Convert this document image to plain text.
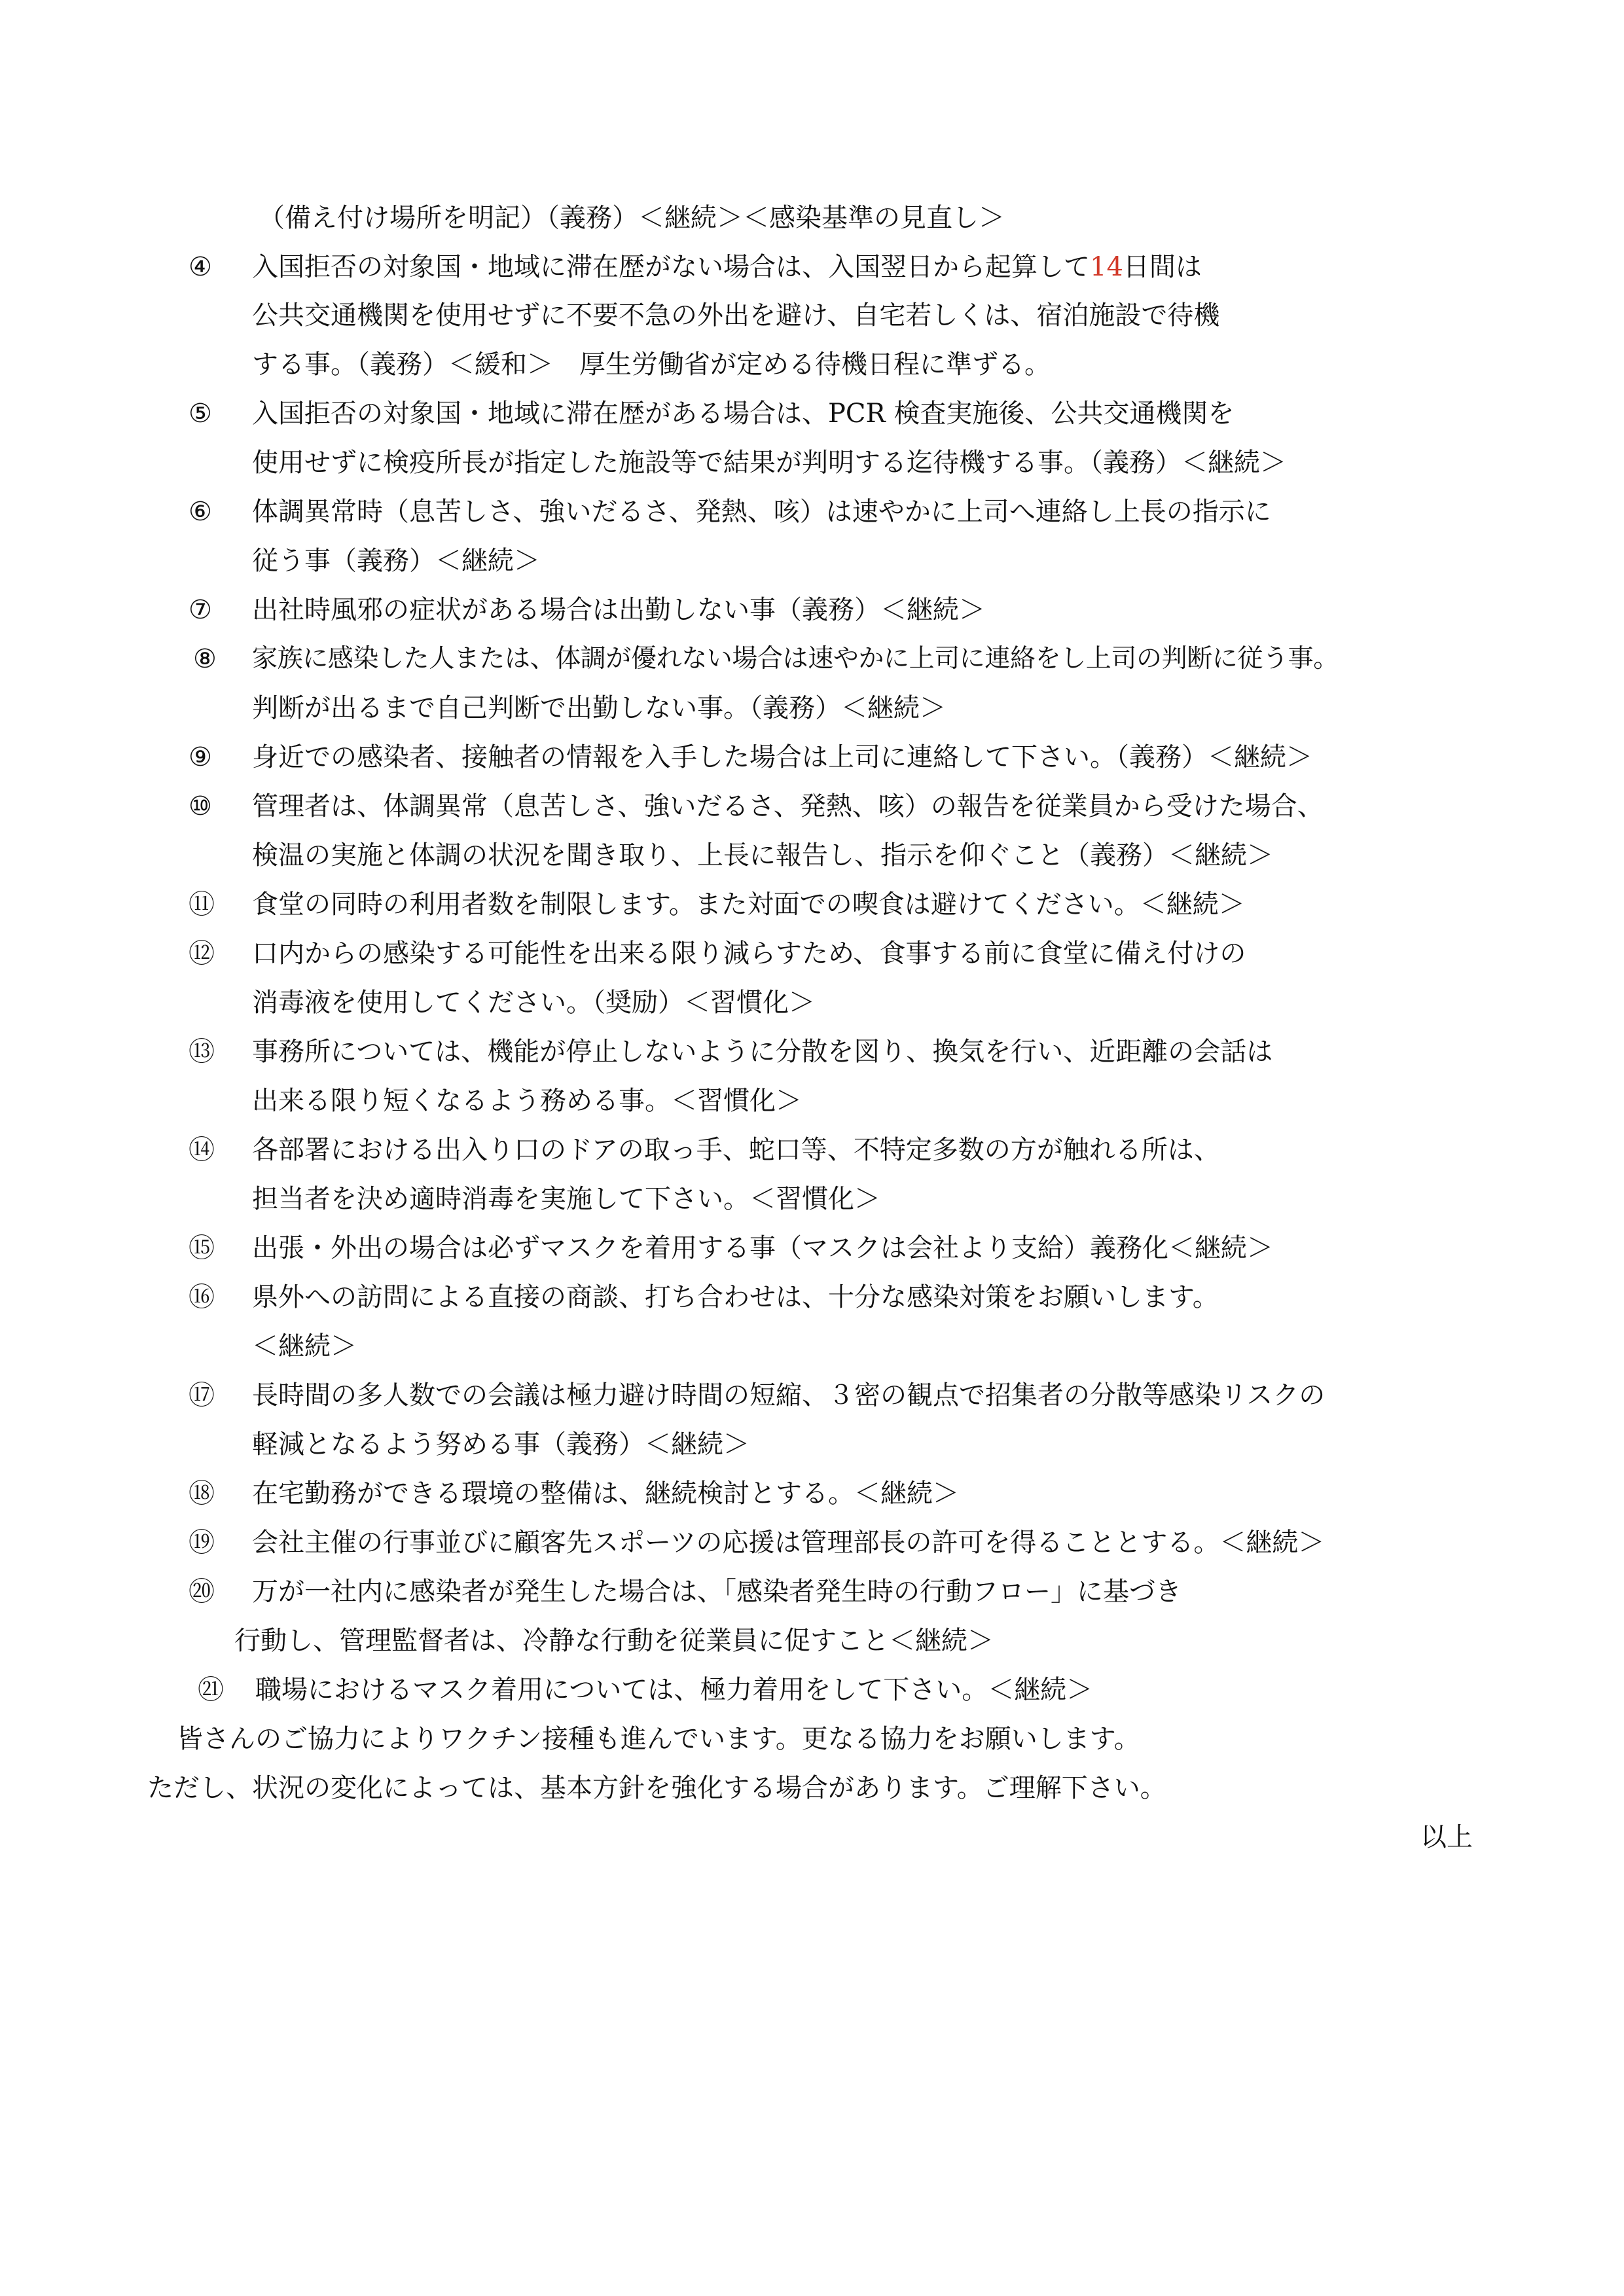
（備え付け場所を明記）（義務）＜継続＞＜感染基準の見直し＞
④ 入国拒否の対象国・地域に滞在歴がない場合は、入国翌日から起算して14日間は
公共交通機関を使用せずに不要不急の外出を避け、自宅若しくは、宿泊施設で待機
する事。（義務）＜緩和＞　厚生労働省が定める待機日程に準ずる。
⑤ 入国拒否の対象国・地域に滞在歴がある場合は、PCR 検査実施後、公共交通機関を
使用せずに検疫所長が指定した施設等で結果が判明する迄待機する事。（義務）＜継続＞
⑥ 体調異常時（息苦しさ、強いだるさ、発熱、咳）は速やかに上司へ連絡し上長の指示に
従う事（義務）＜継続＞
⑦ 出社時風邪の症状がある場合は出勤しない事（義務）＜継続＞
⑧ 家族に感染した人または、体調が優れない場合は速やかに上司に連絡をし上司の判断に従う事。
判断が出るまで自己判断で出勤しない事。（義務）＜継続＞
⑨ 身近での感染者、接触者の情報を入手した場合は上司に連絡して下さい。（義務）＜継続＞
⑩ 管理者は、体調異常（息苦しさ、強いだるさ、発熱、咳）の報告を従業員から受けた場合、
検温の実施と体調の状況を聞き取り、上長に報告し、指示を仰ぐこと（義務）＜継続＞
⑪ 食堂の同時の利用者数を制限します。また対面での喫食は避けてください。＜継続＞
⑫ 口内からの感染する可能性を出来る限り減らすため、食事する前に食堂に備え付けの
消毒液を使用してください。（奨励）＜習慣化＞
⑬ 事務所については、機能が停止しないように分散を図り、換気を行い、近距離の会話は
出来る限り短くなるよう務める事。＜習慣化＞
⑭ 各部署における出入り口のドアの取っ手、蛇口等、不特定多数の方が触れる所は、
担当者を決め適時消毒を実施して下さい。＜習慣化＞
⑮ 出張・外出の場合は必ずマスクを着用する事（マスクは会社より支給）義務化＜継続＞
⑯ 県外への訪問による直接の商談、打ち合わせは、十分な感染対策をお願いします。
＜継続＞
⑰ 長時間の多人数での会議は極力避け時間の短縮、３密の観点で招集者の分散等感染リスクの
軽減となるよう努める事（義務）＜継続＞
⑱ 在宅勤務ができる環境の整備は、継続検討とする。＜継続＞
⑲ 会社主催の行事並びに顧客先スポーツの応援は管理部長の許可を得ることとする。＜継続＞
⑳ 万が一社内に感染者が発生した場合は、「感染者発生時の行動フロー」に基づき
行動し、管理監督者は、冷静な行動を従業員に促すこと＜継続＞
㉑ 職場におけるマスク着用については、極力着用をして下さい。＜継続＞
皆さんのご協力によりワクチン接種も進んでいます。更なる協力をお願いします。
ただし、状況の変化によっては、基本方針を強化する場合があります。ご理解下さい。
以上
